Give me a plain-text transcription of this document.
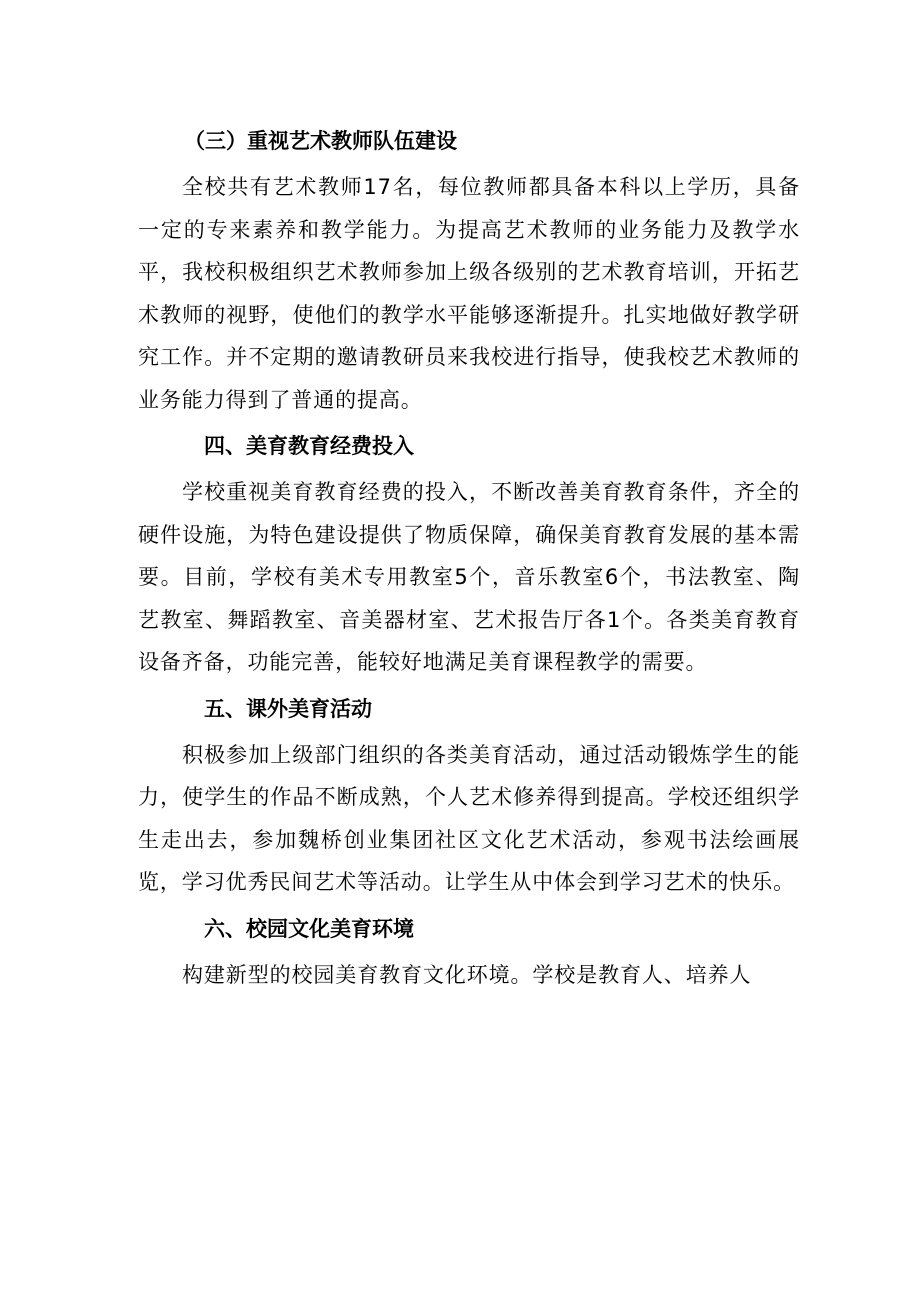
（三）重视艺术教师队伍建设

全校共有艺术教师17名，每位教师都具备本科以上学历，具备一定的专来素养和教学能力。为提高艺术教师的业务能力及教学水平，我校积极组织艺术教师参加上级各级别的艺术教育培训，开拓艺术教师的视野，使他们的教学水平能够逐渐提升。扎实地做好教学研究工作。并不定期的邀请教研员来我校进行指导，使我校艺术教师的业务能力得到了普通的提高。

四、美育教育经费投入

学校重视美育教育经费的投入，不断改善美育教育条件，齐全的硬件设施，为特色建设提供了物质保障，确保美育教育发展的基本需要。目前，学校有美术专用教室5个，音乐教室6个，书法教室、陶艺教室、舞蹈教室、音美器材室、艺术报告厅各1个。各类美育教育设备齐备，功能完善，能较好地满足美育课程教学的需要。

五、课外美育活动

积极参加上级部门组织的各类美育活动，通过活动锻炼学生的能力，使学生的作品不断成熟，个人艺术修养得到提高。学校还组织学生走出去，参加魏桥创业集团社区文化艺术活动，参观书法绘画展览，学习优秀民间艺术等活动。让学生从中体会到学习艺术的快乐。

六、校园文化美育环境

构建新型的校园美育教育文化环境。学校是教育人、培养人
